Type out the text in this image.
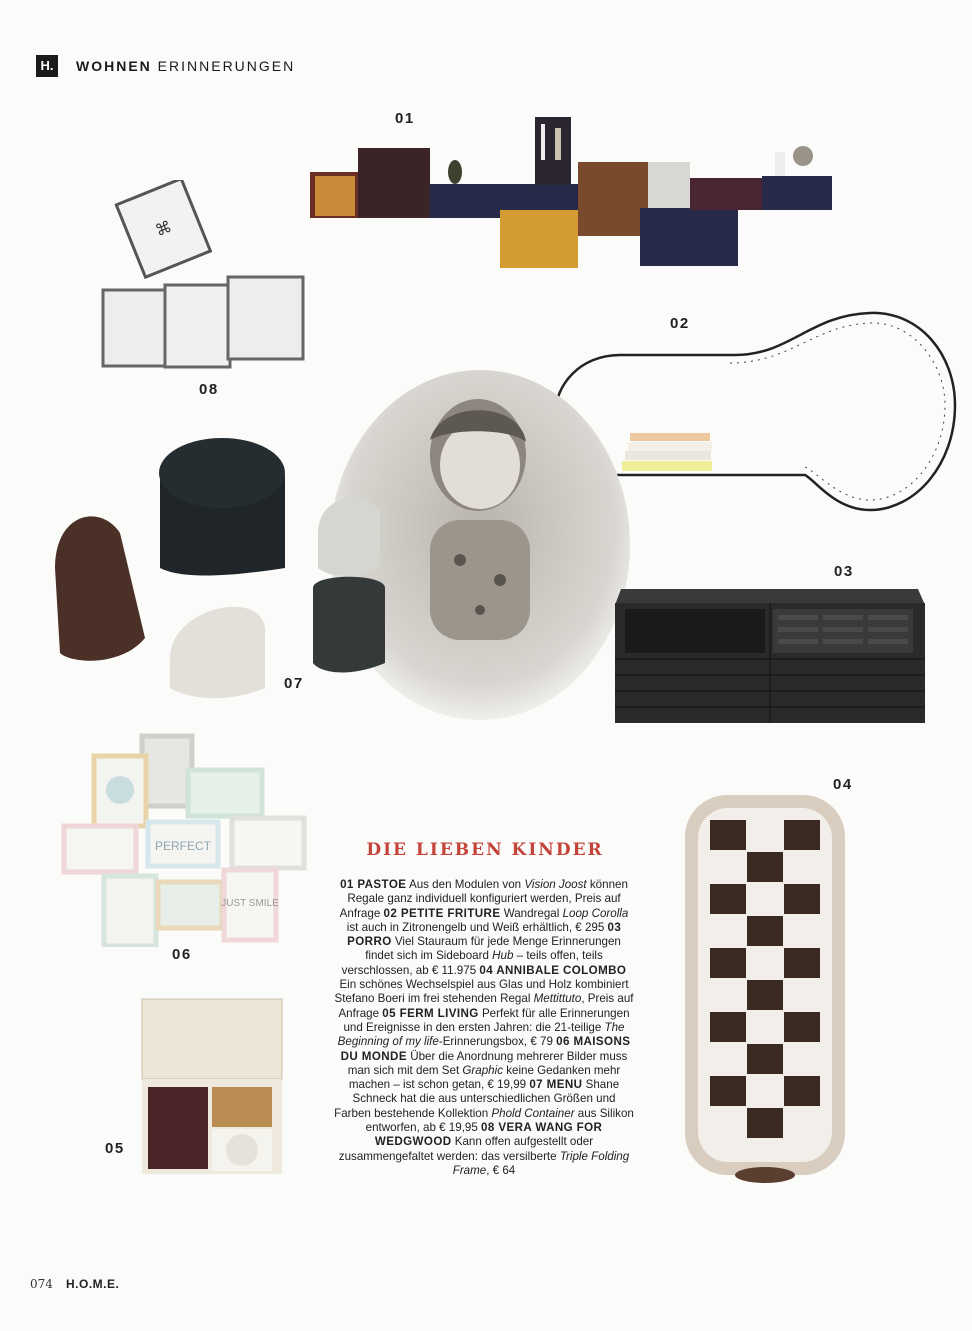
H.	WOHNEN ERINNERUNGEN
01
⌘
08
02
07
03
04
PERFECT
JUST SMILE
06
05
DIE LIEBEN KINDER
01 PASTOE Aus den Modulen von Vision Joost können Regale ganz individuell konfiguriert werden, Preis auf Anfrage 02 PETITE FRITURE Wandregal Loop Corolla ist auch in Zitronengelb und Weiß erhältlich, € 295 03 PORRO Viel Stauraum für jede Menge Erinnerungen findet sich im Sideboard Hub – teils offen, teils verschlossen, ab € 11.975 04 ANNIBALE COLOMBO Ein schönes Wechselspiel aus Glas und Holz kombiniert Stefano Boeri im frei stehenden Regal Mettittuto, Preis auf Anfrage 05 FERM LIVING Perfekt für alle Erinnerungen und Ereignisse in den ersten Jahren: die 21-teilige The Beginning of my life-Erinnerungsbox, € 79 06 MAISONS DU MONDE Über die Anordnung mehrerer Bilder muss man sich mit dem Set Graphic keine Gedanken mehr machen – ist schon getan, € 19,99 07 MENU Shane Schneck hat die aus unterschiedlichen Größen und Farben bestehende Kollektion Phold Container aus Silikon entworfen, ab € 19,95 08 VERA WANG FOR WEDGWOOD Kann offen aufgestellt oder zusammengefaltet werden: das versilberte Triple Folding Frame, € 64
074 H.O.M.E.
